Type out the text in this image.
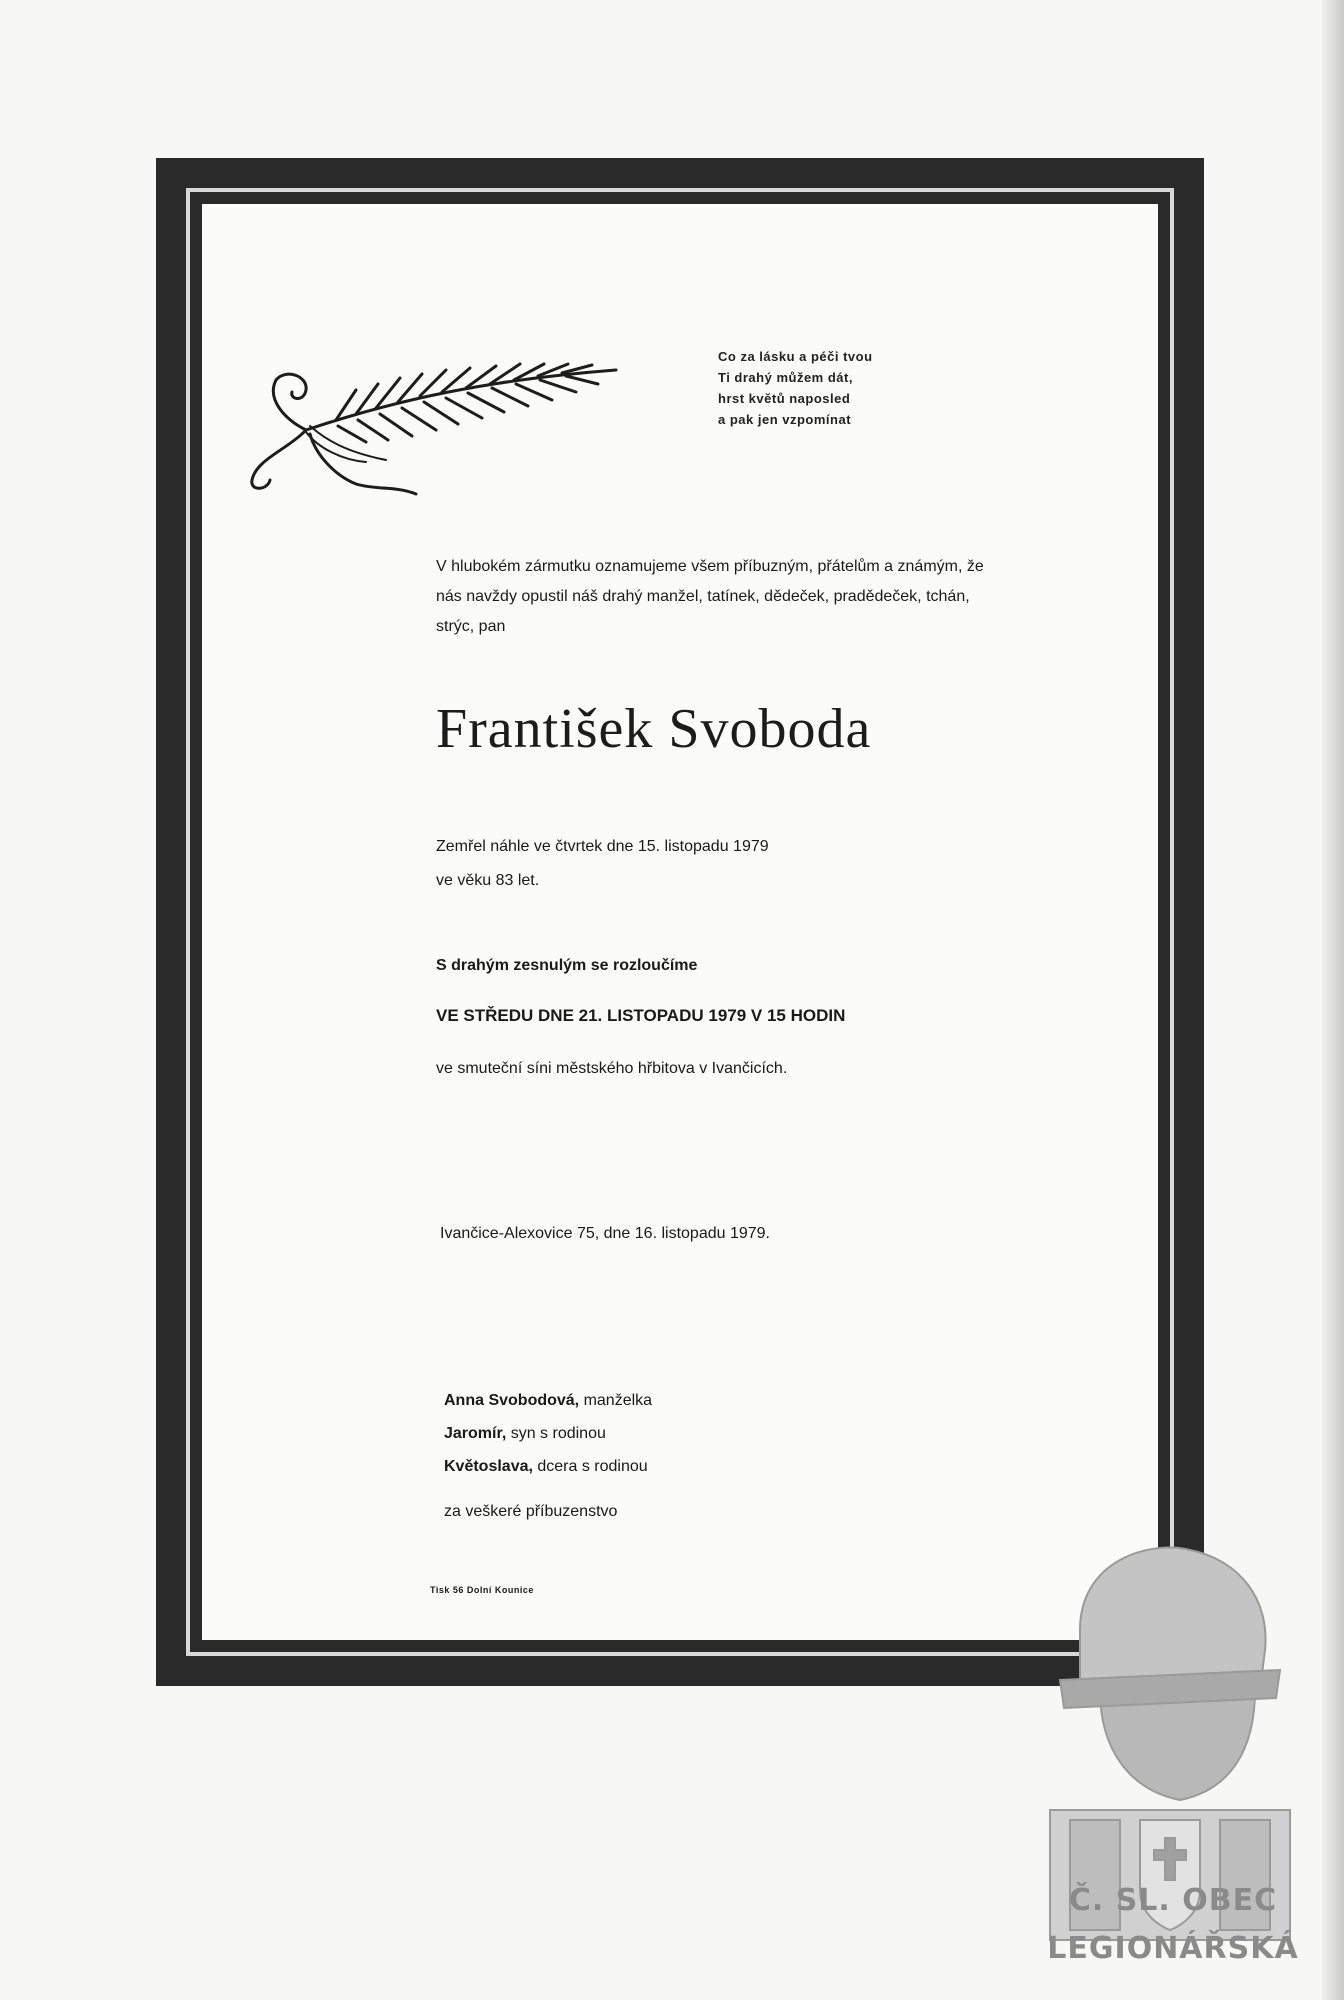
Co za lásku a péči tvou
Ti drahý můžem dát,
hrst květů naposled
a pak jen vzpomínat
V hlubokém zármutku oznamujeme všem příbuzným, přátelům a známým, že nás navždy opustil náš drahý manžel, tatínek, dědeček, pradědeček, tchán, strýc, pan
František Svoboda
Zemřel náhle ve čtvrtek dne 15. listopadu 1979
ve věku 83 let.
S drahým zesnulým se rozloučíme
VE STŘEDU DNE 21. LISTOPADU 1979 V 15 HODIN
ve smuteční síni městského hřbitova v Ivančicích.
Ivančice-Alexovice 75, dne 16. listopadu 1979.
Anna Svobodová, manželka
Jaromír, syn s rodinou
Květoslava, dcera s rodinou
za veškeré příbuzenstvo
Tisk 56 Dolní Kounice
Č. SL. OBEC
LEGIONÁŘSKÁ
